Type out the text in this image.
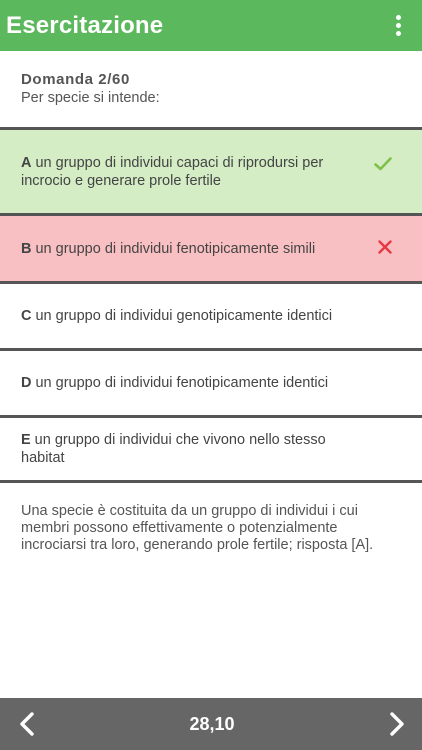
Esercitazione
Domanda 2/60
Per specie si intende:
A un gruppo di individui capaci di riprodursi per incrocio e generare prole fertile
B un gruppo di individui fenotipicamente simili
C un gruppo di individui genotipicamente identici
D un gruppo di individui fenotipicamente identici
E un gruppo di individui che vivono nello stesso habitat
Una specie è costituita da un gruppo di individui i cui membri possono effettivamente o potenzialmente incrociarsi tra loro, generando prole fertile; risposta [A].
28,10
